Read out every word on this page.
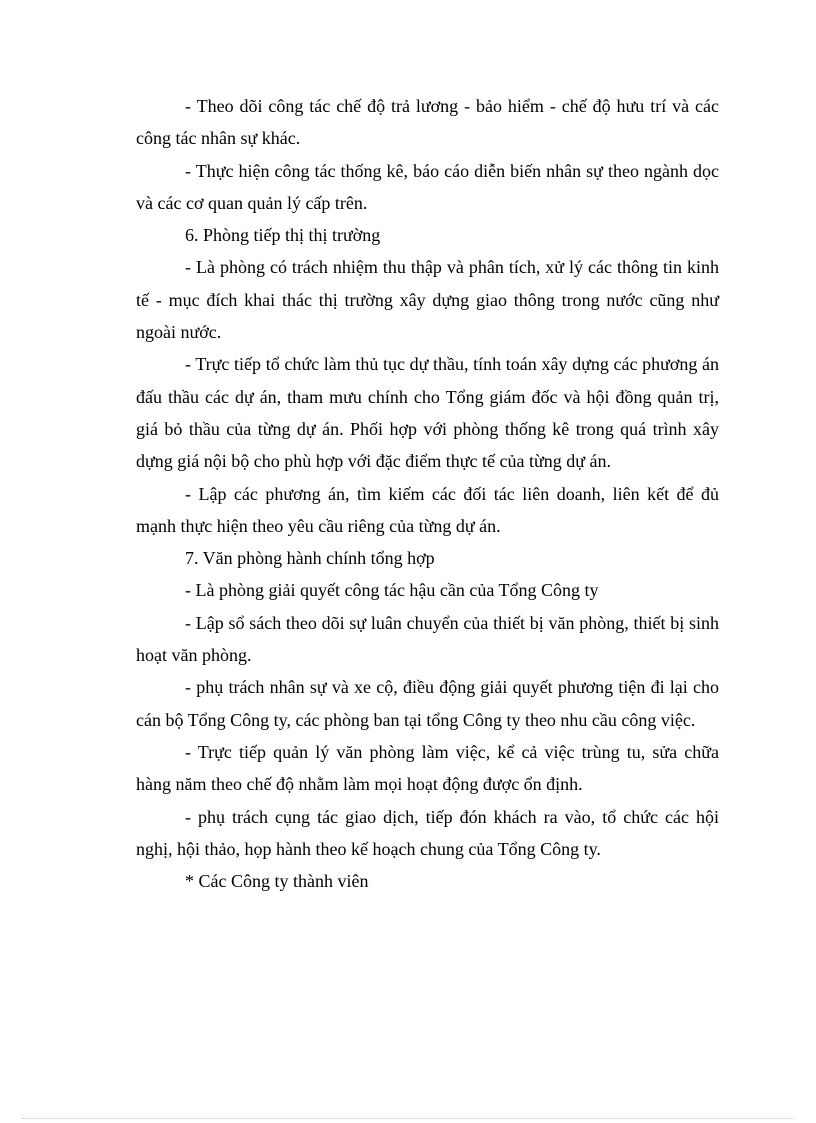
- Theo dõi công tác chế độ trả lương - bảo hiểm - chế độ hưu trí và các công tác nhân sự khác.

- Thực hiện công tác thống kê, báo cáo diễn biến nhân sự theo ngành dọc và các cơ quan quản lý cấp trên.

6. Phòng tiếp thị thị trường

- Là phòng có trách nhiệm thu thập và phân tích, xử lý các thông tin kinh tế - mục đích khai thác thị trường xây dựng giao thông trong nước cũng như ngoài nước.

- Trực tiếp tổ chức làm thủ tục dự thầu, tính toán xây dựng các phương án đấu thầu các dự án, tham mưu chính cho Tổng giám đốc và hội đồng quản trị, giá bỏ thầu của từng dự án. Phối hợp với phòng thống kê trong quá trình xây dựng giá nội bộ cho phù hợp với đặc điểm thực tế của từng dự án.

- Lập các phương án, tìm kiếm các đối tác liên doanh, liên kết để đủ mạnh thực hiện theo yêu cầu riêng của từng dự án.

7. Văn phòng hành chính tổng hợp

- Là phòng giải quyết công tác hậu cần của Tổng Công ty

- Lập sổ sách theo dõi sự luân chuyển của thiết bị văn phòng, thiết bị sinh hoạt văn phòng.

- phụ trách nhân sự và xe cộ, điều động giải quyết phương tiện đi lại cho cán bộ Tổng Công ty, các phòng ban tại tổng Công ty theo nhu cầu công việc.

- Trực tiếp quản lý văn phòng làm việc, kể cả việc trùng tu, sửa chữa hàng năm theo chế độ nhằm làm mọi hoạt động được ổn định.

- phụ trách cụng tác giao dịch, tiếp đón khách ra vào, tổ chức các hội nghị, hội thảo, họp hành theo kế hoạch chung của Tổng Công ty.

* Các Công ty thành viên
